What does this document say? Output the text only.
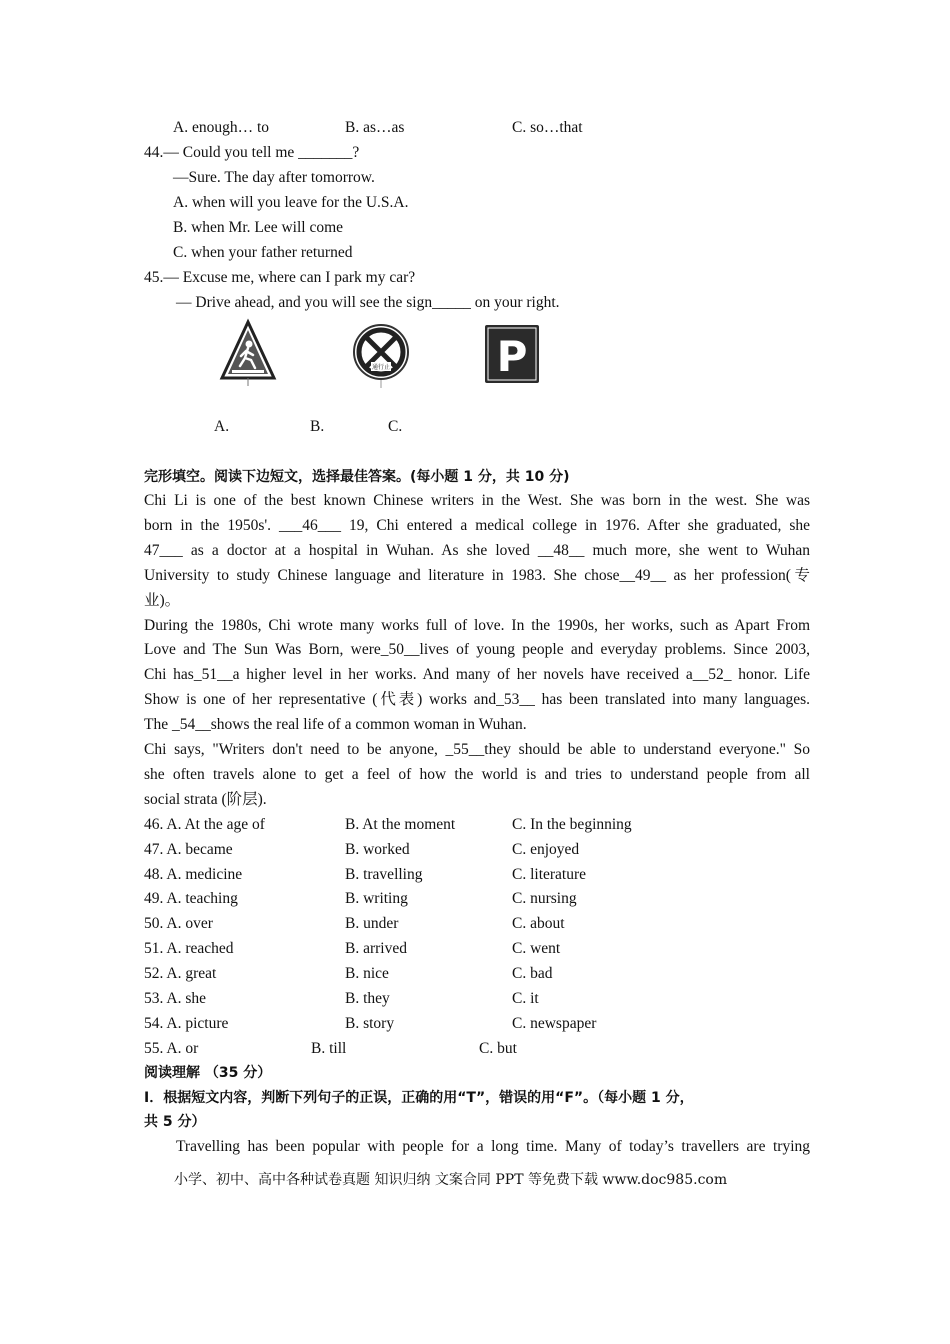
A. enough… to	B. as…as	C. so…that
44.— Could you tell me _______?
—Sure. The day after tomorrow.
A. when will you leave for the U.S.A.
B. when Mr. Lee will come
C. when your father returned
45.— Excuse me, where can I park my car?
— Drive ahead, and you will see the sign_____ on your right.
通行止	P
A.	B.	C.
完形填空。阅读下边短文，选择最佳答案。(每小题 1 分，共 10 分)
Chi Li is one of the best known Chinese writers in the West. She was born in the west. She was
born in the 1950s'. ___46___ 19, Chi entered a medical college in 1976. After she graduated, she
47___ as a doctor at a hospital in Wuhan. As she loved __48__ much more, she went to Wuhan
University to study Chinese language and literature in 1983. She chose__49__ as her profession(专
业)。
During the 1980s, Chi wrote many works full of love. In the 1990s, her works, such as Apart From
Love and The Sun Was Born, were_50__lives of young people and everyday problems. Since 2003,
Chi has_51__a higher level in her works. And many of her novels have received a__52_ honor. Life
Show is one of her representative (代表) works and_53__ has been translated into many languages.
The _54__shows the real life of a common woman in Wuhan.
Chi says, "Writers don't need to be anyone, _55__they should be able to understand everyone." So
she often travels alone to get a feel of how the world is and tries to understand people from all
social strata (阶层).
46. A. At the age of	B. At the moment	C. In the beginning
47. A. became	B. worked	C. enjoyed
48. A. medicine	B. travelling	C. literature
49. A. teaching	B. writing	C. nursing
50. A. over	B. under	C. about
51. A. reached	B. arrived	C. went
52. A. great	B. nice	C. bad
53. A. she	B. they	C. it
54. A. picture	B. story	C. newspaper
55. A. or	B. till	C. but
阅读理解 （35 分）
I．根据短文内容，判断下列句子的正误，正确的用“T”，错误的用“F”。（每小题 1 分，
共 5 分）
Travelling has been popular with people for a long time. Many of today’s travellers are trying
小学、初中、高中各种试卷真题 知识归纳 文案合同 PPT 等免费下载 www.doc985.com
